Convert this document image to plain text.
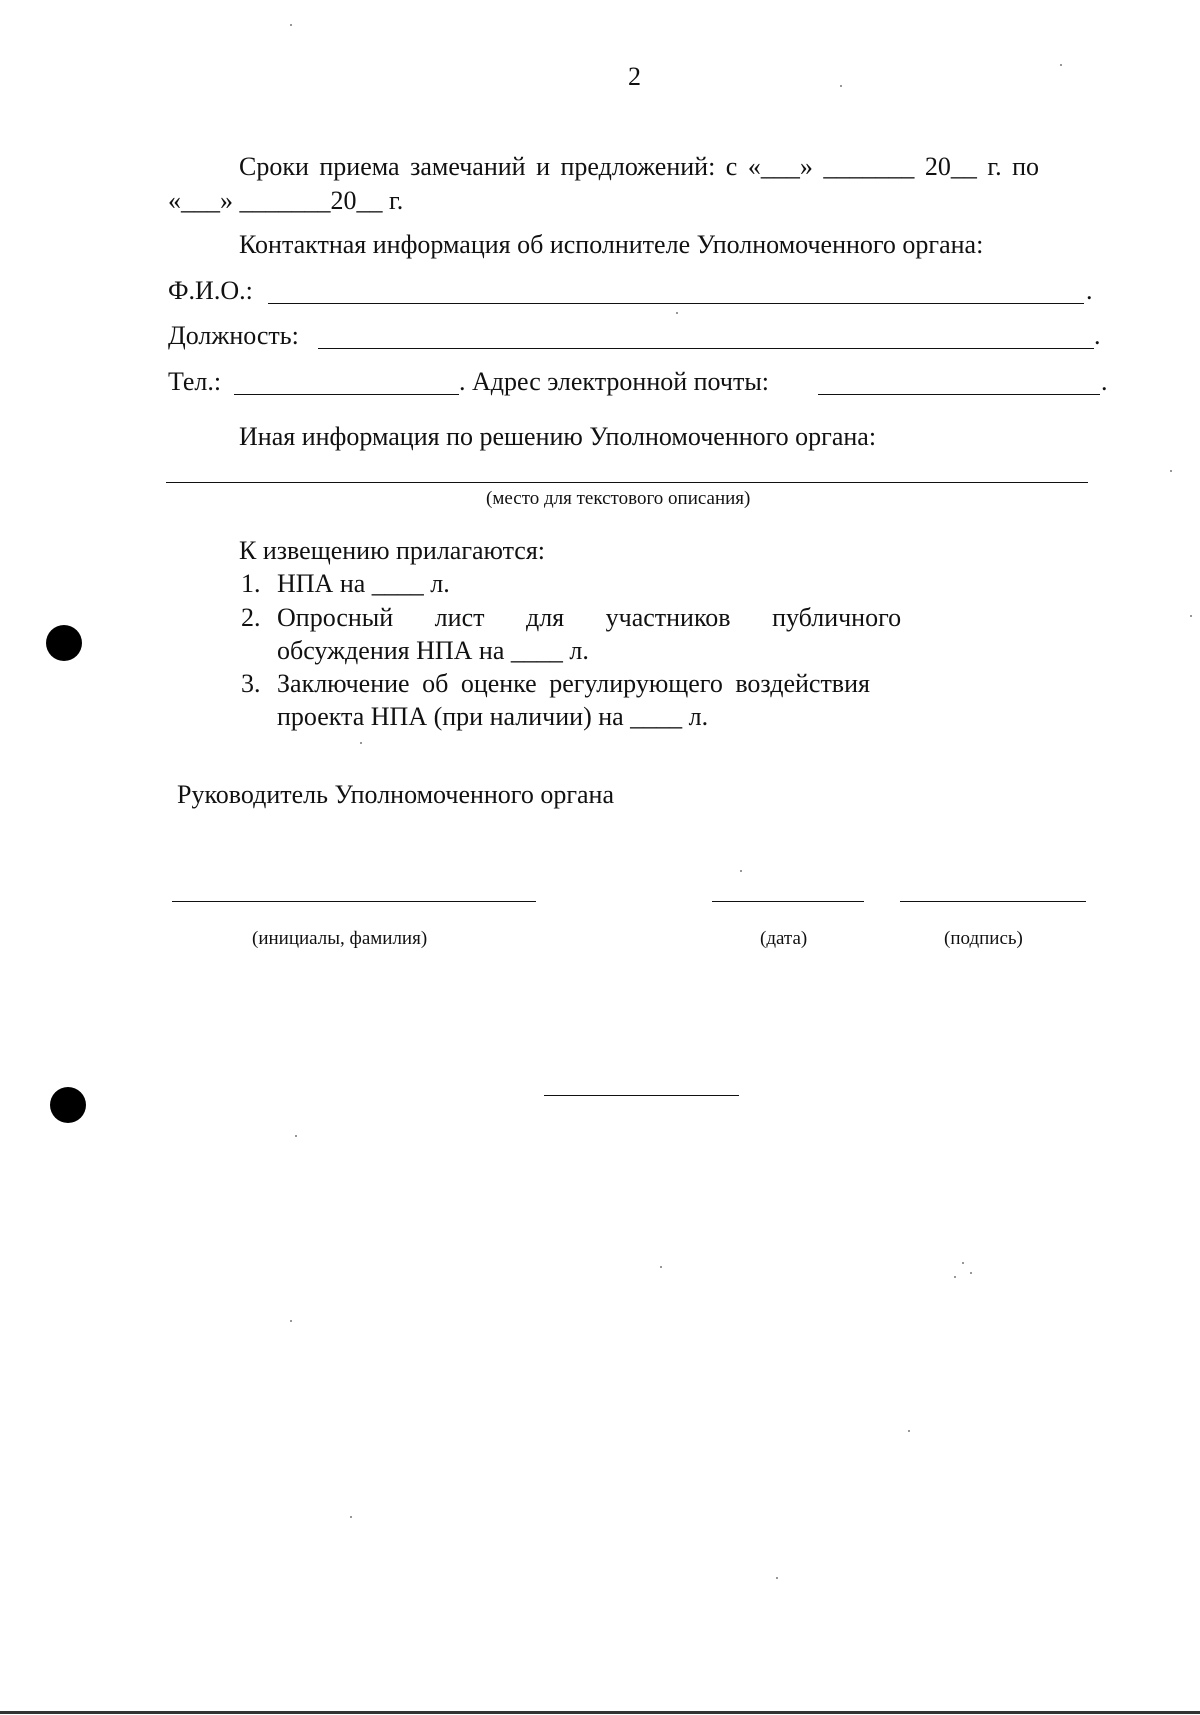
2
Сроки приема замечаний и предложений: с «___» _______ 20__ г. по
«___» _______20__ г.
Контактная информация об исполнителе Уполномоченного органа:
Ф.И.О.:	.
Должность:	.
Тел.:	. Адрес электронной почты:	.
Иная информация по решению Уполномоченного органа:
(место для текстового описания)
К извещению прилагаются:
1. НПА на ____ л.
2. Опросный лист для участников публичного
обсуждения НПА на ____ л.
3. Заключение об оценке регулирующего воздействия
проекта НПА (при наличии) на ____ л.
Руководитель Уполномоченного органа
(инициалы, фамилия)	(дата)	(подпись)
